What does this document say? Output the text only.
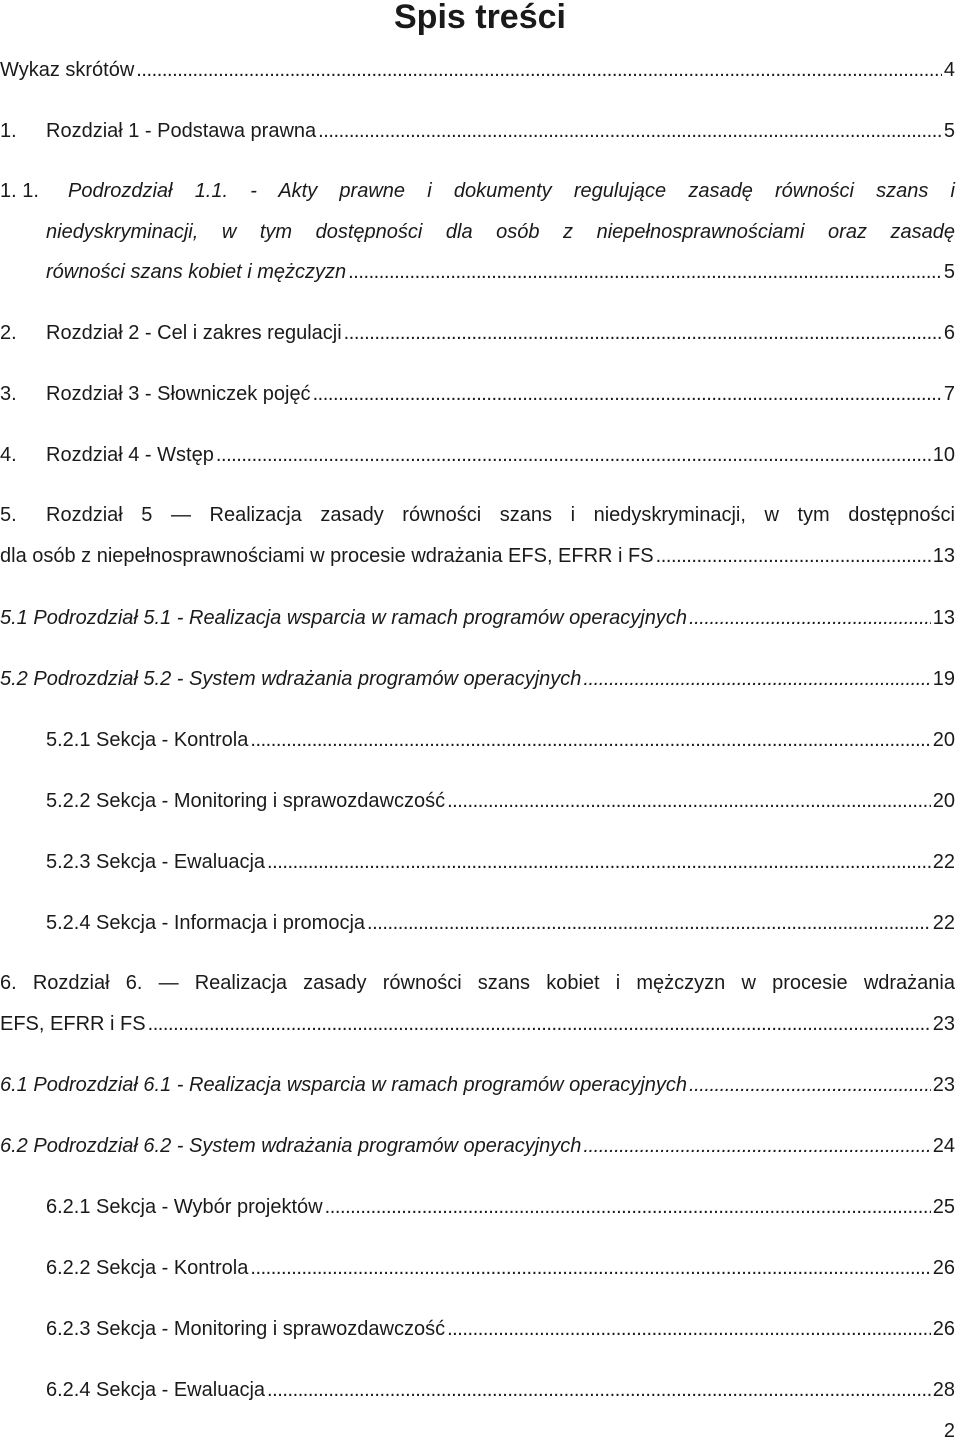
Spis treści
Wykaz skrótów . . .	4
1.	Rozdział 1 - Podstawa prawna . . .	5
1. 1.	Podrozdział 1.1. - Akty prawne i dokumenty regulujące zasadę równości szans i
niedyskryminacji, w tym dostępności dla osób z niepełnosprawnościami oraz zasadę
równości szans kobiet i mężczyzn . . .	5
2.	Rozdział 2 - Cel i zakres regulacji . . .	6
3.	Rozdział 3 - Słowniczek pojęć . . .	7
4.	Rozdział 4 - Wstęp . . .	10
5.	Rozdział 5 — Realizacja zasady równości szans i niedyskryminacji, w tym dostępności
dla osób z niepełnosprawnościami w procesie wdrażania EFS, EFRR i FS . . .	13
5.1 Podrozdział 5.1 - Realizacja wsparcia w ramach programów operacyjnych . . .	13
5.2 Podrozdział 5.2 - System wdrażania programów operacyjnych . . .	19
5.2.1 Sekcja - Kontrola . . .	20
5.2.2 Sekcja - Monitoring i sprawozdawczość . . .	20
5.2.3 Sekcja - Ewaluacja . . .	22
5.2.4 Sekcja - Informacja i promocja . . .	22
6. Rozdział 6. — Realizacja zasady równości szans kobiet i mężczyzn w procesie wdrażania
EFS, EFRR i FS . . .	23
6.1 Podrozdział 6.1 - Realizacja wsparcia w ramach programów operacyjnych . . .	23
6.2 Podrozdział 6.2 - System wdrażania programów operacyjnych . . .	24
6.2.1 Sekcja - Wybór projektów . . .	25
6.2.2 Sekcja - Kontrola . . .	26
6.2.3 Sekcja - Monitoring i sprawozdawczość . . .	26
6.2.4 Sekcja - Ewaluacja . . .	28
2
